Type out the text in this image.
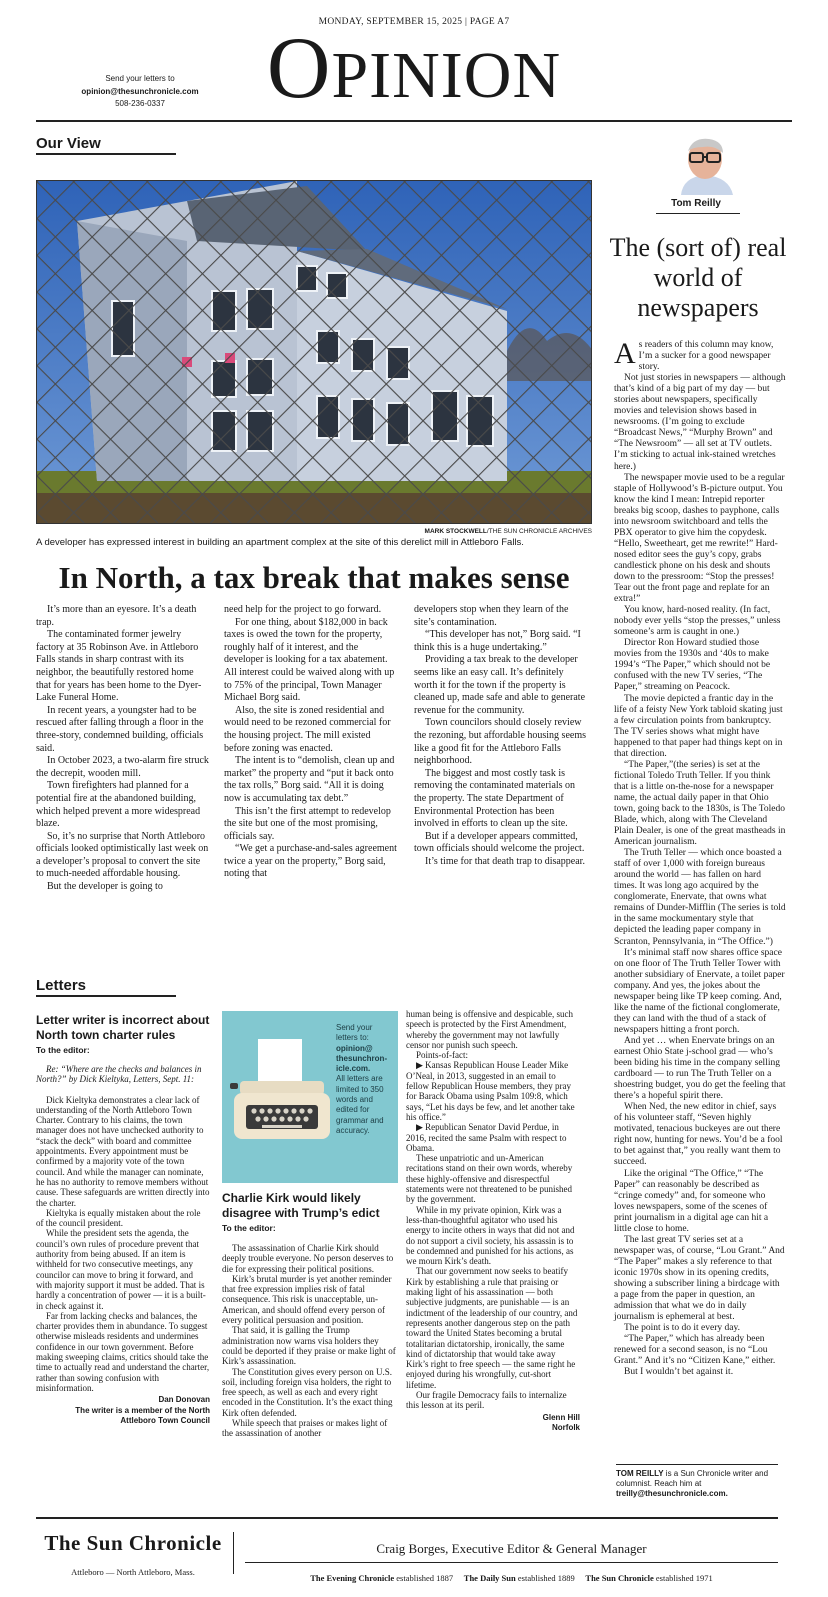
MONDAY, SEPTEMBER 15, 2025 | PAGE A7
OPINION
Send your letters to
opinion@thesunchronicle.com
508-236-0337
Our View
MARK STOCKWELL/THE SUN CHRONICLE ARCHIVES
A developer has expressed interest in building an apartment complex at the site of this derelict mill in Attleboro Falls.
In North, a tax break that makes sense

It’s more than an eyesore. It’s a death trap.

The contaminated former jewelry factory at 35 Robinson Ave. in Attleboro Falls stands in sharp contrast with its neighbor, the beautifully restored home that for years has been home to the Dyer-Lake Funeral Home.

In recent years, a youngster had to be rescued after falling through a floor in the three-story, condemned building, officials said.

In October 2023, a two-alarm fire struck the decrepit, wooden mill.

Town firefighters had planned for a potential fire at the abandoned building, which helped prevent a more widespread blaze.

So, it’s no surprise that North Attleboro officials looked optimistically last week on a developer’s proposal to convert the site to much-needed affordable housing.

But the developer is going to

need help for the project to go forward.

For one thing, about $182,000 in back taxes is owed the town for the property, roughly half of it interest, and the developer is looking for a tax abatement. All interest could be waived along with up to 75% of the principal, Town Manager Michael Borg said.

Also, the site is zoned residential and would need to be rezoned commercial for the housing project. The mill existed before zoning was enacted.

The intent is to “demolish, clean up and market” the property and “put it back onto the tax rolls,” Borg said. “All it is doing now is accumulating tax debt.”

This isn’t the first attempt to redevelop the site but one of the most promising, officials say.

“We get a purchase-and-sales agreement twice a year on the property,” Borg said, noting that

developers stop when they learn of the site’s contamination.

“This developer has not,” Borg said. “I think this is a huge undertaking.”

Providing a tax break to the developer seems like an easy call. It’s definitely worth it for the town if the property is cleaned up, made safe and able to generate revenue for the community.

Town councilors should closely review the rezoning, but affordable housing seems like a good fit for the Attleboro Falls neighborhood.

The biggest and most costly task is removing the contaminated materials on the property. The state Department of Environmental Protection has been involved in efforts to clean up the site.

But if a developer appears committed, town officials should welcome the project.

It’s time for that death trap to disappear.

Letters
Letter writer is incorrect about North town charter rules
To the editor:

Re: “Where are the checks and balances in North?” by Dick Kieltyka, Letters, Sept. 11:

Dick Kieltyka demonstrates a clear lack of understanding of the North Attleboro Town Charter. Contrary to his claims, the town manager does not have unchecked authority to “stack the deck” with board and committee appointments. Every appointment must be confirmed by a majority vote of the town council. And while the manager can nominate, he has no authority to remove members without cause. These safeguards are written directly into the charter.

Kieltyka is equally mistaken about the role of the council president.

While the president sets the agenda, the council’s own rules of procedure prevent that authority from being abused. If an item is withheld for two consecutive meetings, any councilor can move to bring it forward, and with majority support it must be added. That is hardly a concentration of power — it is a built-in check against it.

Far from lacking checks and balances, the charter provides them in abundance. To suggest otherwise misleads residents and undermines confidence in our town government. Before making sweeping claims, critics should take the time to actually read and understand the charter, rather than sowing confusion with misinformation.

Dan Donovan
The writer is a member of the North
Attleboro Town Council
Send your letters to:
opinion@
thesunchron-
icle.com.
All letters are limited to 350 words and edited for grammar and accuracy.
Charlie Kirk would likely disagree with Trump’s edict
To the editor:

The assassination of Charlie Kirk should deeply trouble everyone. No person deserves to die for expressing their political positions.

Kirk’s brutal murder is yet another reminder that free expression implies risk of fatal consequence. This risk is unacceptable, un-American, and should offend every person of every political persuasion and position.

That said, it is galling the Trump administration now warns visa holders they could be deported if they praise or make light of Kirk’s assassination.

The Constitution gives every person on U.S. soil, including foreign visa holders, the right to free speech, as well as each and every right encoded in the Constitution. It’s the exact thing Kirk often defended.

While speech that praises or makes light of the assassination of another

human being is offensive and despicable, such speech is protected by the First Amendment, whereby the government may not lawfully censor nor punish such speech.

Points-of-fact:

▶ Kansas Republican House Leader Mike O’Neal, in 2013, suggested in an email to fellow Republican House members, they pray for Barack Obama using Psalm 109:8, which says, “Let his days be few, and let another take his office.”

▶ Republican Senator David Perdue, in 2016, recited the same Psalm with respect to Obama.

These unpatriotic and un-American recitations stand on their own words, whereby these highly-offensive and disrespectful statements were not threatened to be punished by the government.

While in my private opinion, Kirk was a less-than-thoughtful agitator who used his energy to incite others in ways that did not and do not support a civil society, his assassin is to be condemned and punished for his actions, as we mourn Kirk’s death.

That our government now seeks to beatify Kirk by establishing a rule that praising or making light of his assassination — both subjective judgments, are punishable — is an indictment of the leadership of our country, and represents another dangerous step on the path toward the United States becoming a brutal totalitarian dictatorship, ironically, the same kind of dictatorship that would take away Kirk’s right to free speech — the same right he enjoyed during his wrongfully, cut-short lifetime.

Our fragile Democracy fails to internalize this lesson at its peril.

Glenn Hill
Norfolk
Tom Reilly
The (sort of) real world of newspapers

As readers of this column may know, I’m a sucker for a good newspaper story.

Not just stories in newspapers — although that’s kind of a big part of my day — but stories about newspapers, specifically movies and television shows based in newsrooms. (I’m going to exclude “Broadcast News,” “Murphy Brown” and “The Newsroom” — all set at TV outlets. I’m sticking to actual ink-stained wretches here.)

The newspaper movie used to be a regular staple of Hollywood’s B-picture output. You know the kind I mean: Intrepid reporter breaks big scoop, dashes to payphone, calls into newsroom switchboard and tells the PBX operator to give him the copydesk. “Hello, Sweetheart, get me rewrite!” Hard-nosed editor sees the guy’s copy, grabs candlestick phone on his desk and shouts down to the pressroom: “Stop the presses! Tear out the front page and replate for an extra!”

You know, hard-nosed reality. (In fact, nobody ever yells “stop the presses,” unless someone’s arm is caught in one.)

Director Ron Howard studied those movies from the 1930s and ‘40s to make 1994’s “The Paper,” which should not be confused with the new TV series, “The Paper,” streaming on Peacock.

The movie depicted a frantic day in the life of a feisty New York tabloid skating just a few circulation points from bankruptcy. The TV series shows what might have happened to that paper had things kept on in that direction.

“The Paper,”(the series) is set at the fictional Toledo Truth Teller. If you think that is a little on-the-nose for a newspaper name, the actual daily paper in that Ohio town, going back to the 1830s, is The Toledo Blade, which, along with The Cleveland Plain Dealer, is one of the great mastheads in American journalism.

The Truth Teller — which once boasted a staff of over 1,000 with foreign bureaus around the world — has fallen on hard times. It was long ago acquired by the conglomerate, Enervate, that owns what remains of Dunder-Mifflin (The series is told in the same mockumentary style that depicted the leading paper company in Scranton, Pennsylvania, in “The Office.”)

It’s minimal staff now shares office space on one floor of The Truth Teller Tower with another subsidiary of Enervate, a toilet paper company. And yes, the jokes about the newspaper being like TP keep coming. And, like the name of the fictional conglomerate, they can land with the thud of a stack of newspapers hitting a front porch.

And yet … when Enervate brings on an earnest Ohio State j-school grad — who’s been biding his time in the company selling cardboard — to run The Truth Teller on a shoestring budget, you do get the feeling that there’s a hopeful spirit there.

When Ned, the new editor in chief, says of his volunteer staff, “Seven highly motivated, tenacious buckeyes are out there right now, hunting for news. You’d be a fool to bet against that,” you really want them to succeed.

Like the original “The Office,” “The Paper” can reasonably be described as “cringe comedy” and, for someone who loves newspapers, some of the scenes of print journalism in a digital age can hit a little close to home.

The last great TV series set at a newspaper was, of course, “Lou Grant.” And “The Paper” makes a sly reference to that iconic 1970s show in its opening credits, showing a subscriber lining a birdcage with a page from the paper in question, an admission that what we do in daily journalism is ephemeral at best.

The point is to do it every day.

“The Paper,” which has already been renewed for a second season, is no “Lou Grant.” And it’s no “Citizen Kane,” either.

But I wouldn’t bet against it.

TOM REILLY is a Sun Chronicle writer and columnist. Reach him at treilly@thesunchronicle.com.
The Sun Chronicle
Attleboro — North Attleboro, Mass.
Craig Borges, Executive Editor & General Manager
The Evening Chronicle established 1887 The Daily Sun established 1889 The Sun Chronicle established 1971
